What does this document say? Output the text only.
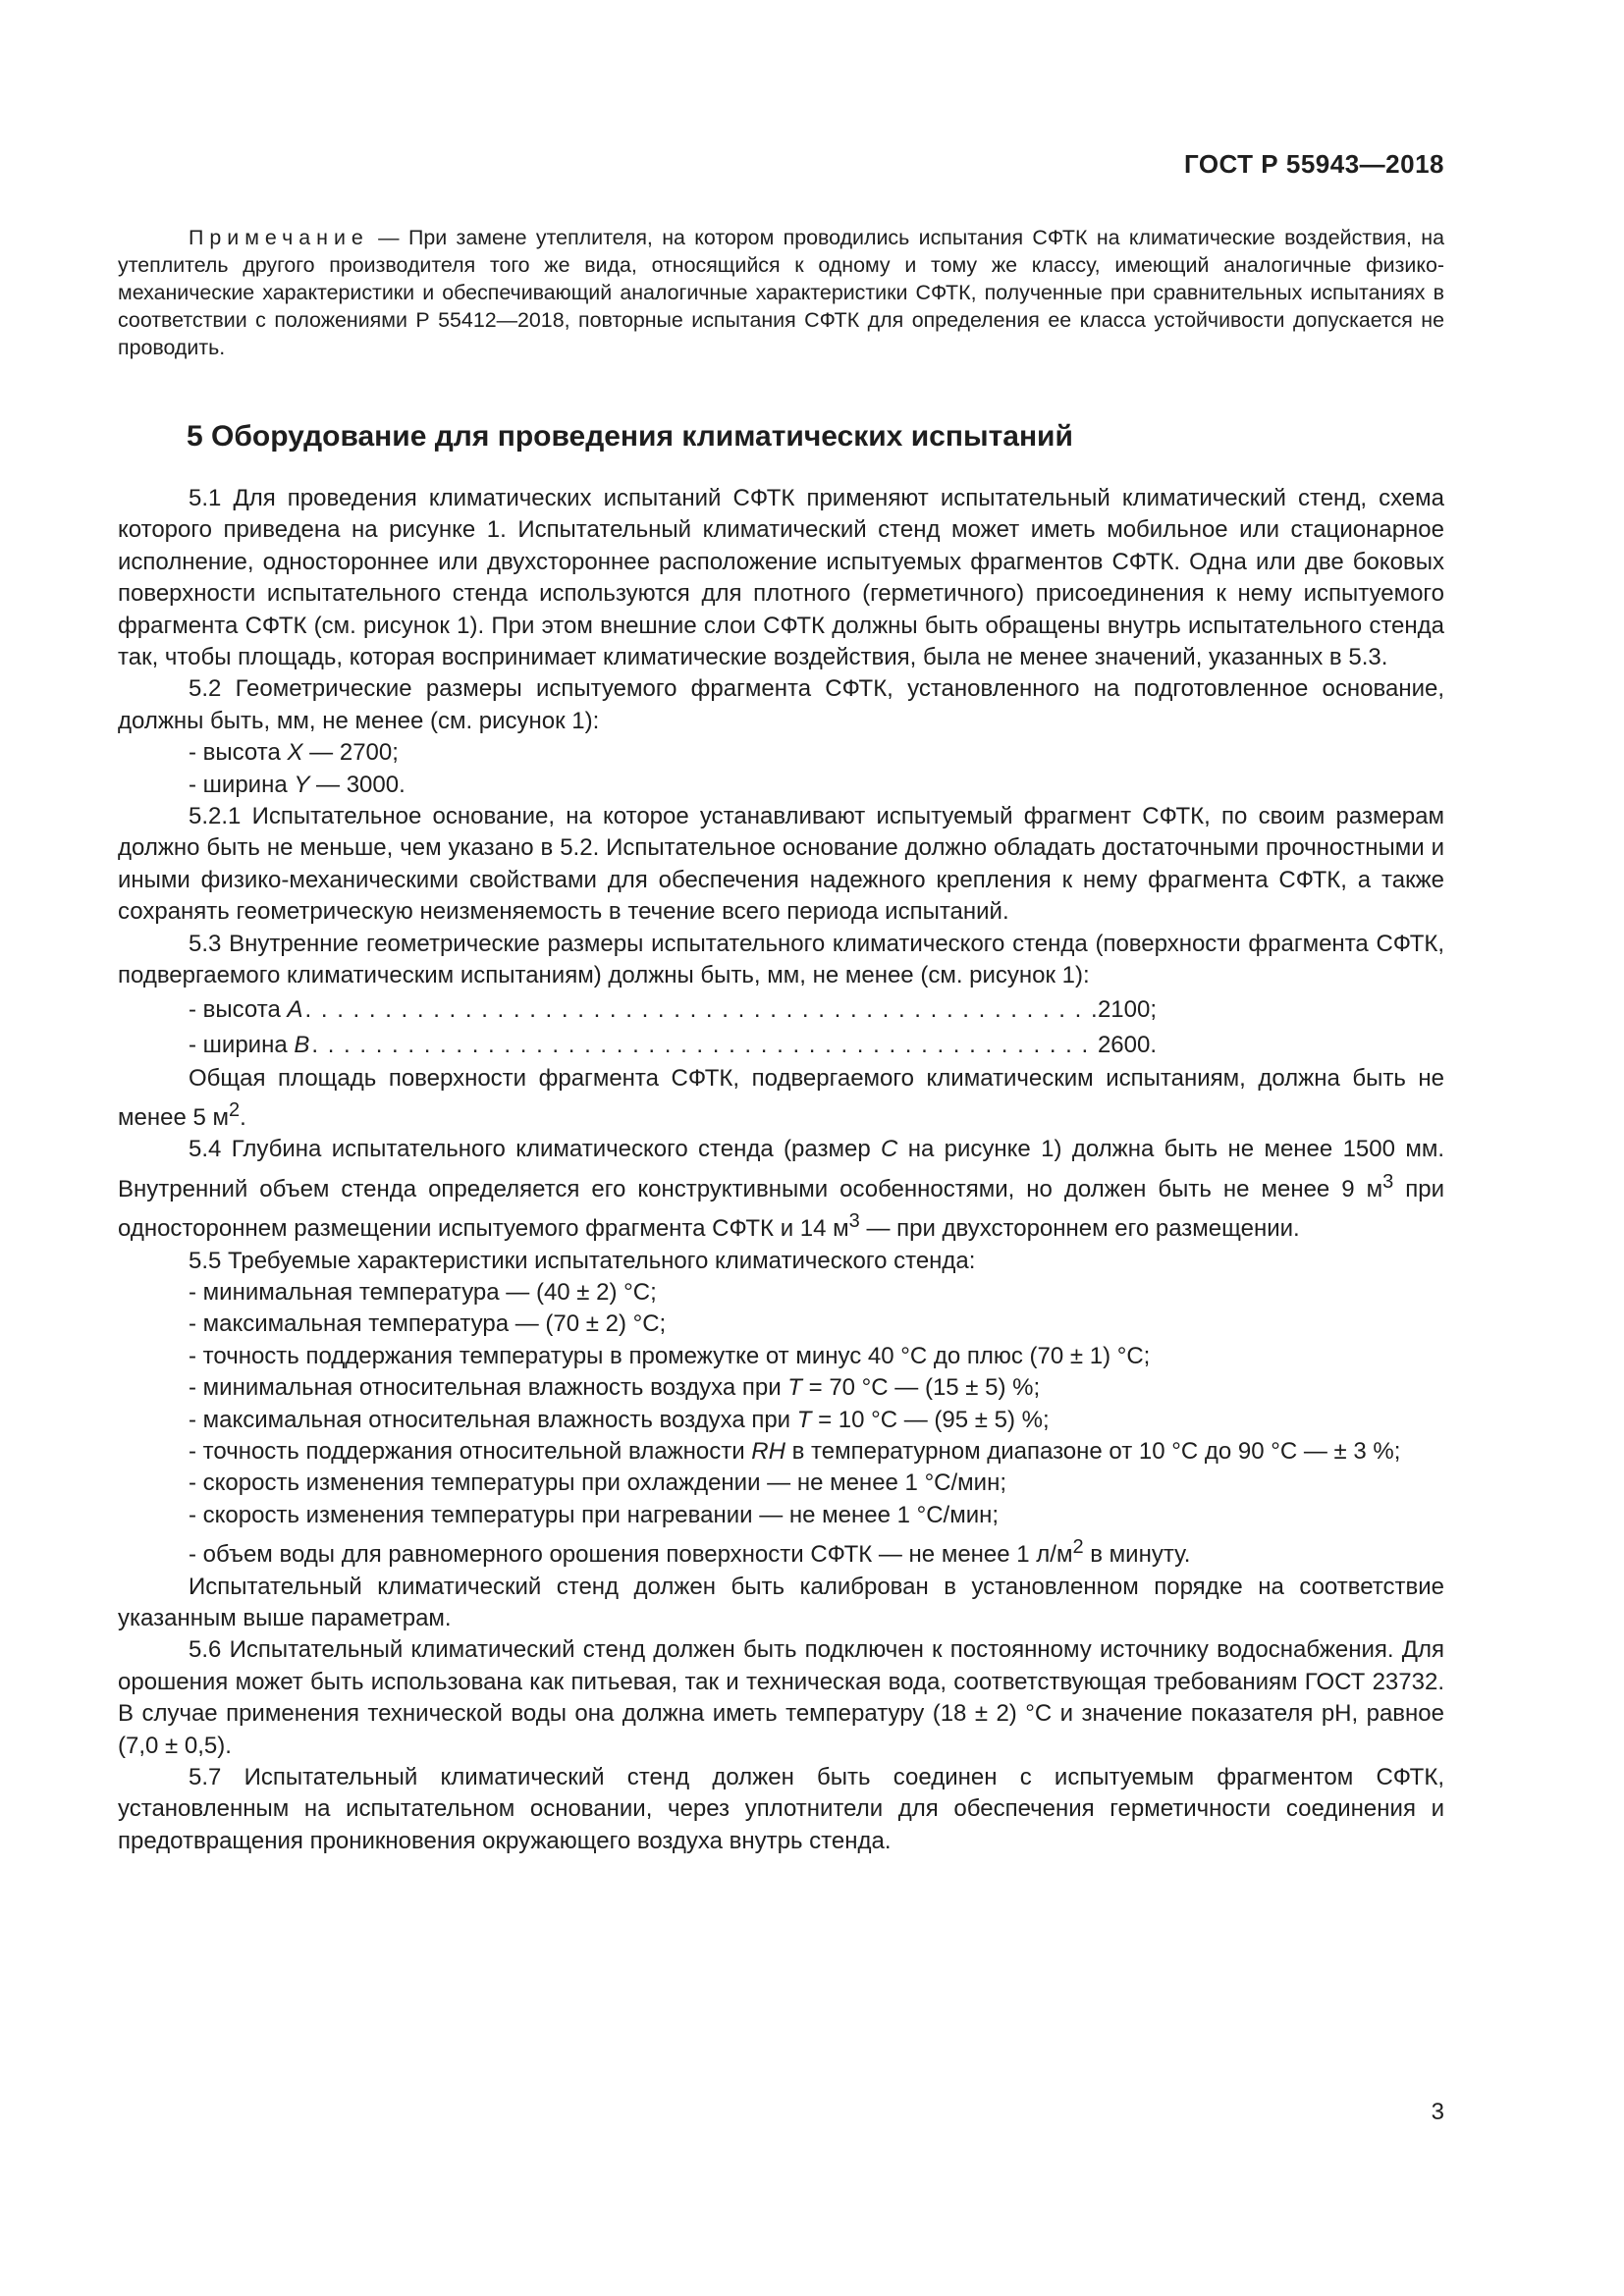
ГОСТ Р 55943—2018

Примечание — При замене утеплителя, на котором проводились испытания СФТК на климатические воздействия, на утеплитель другого производителя того же вида, относящийся к одному и тому же классу, имеющий аналогичные физико-механические характеристики и обеспечивающий аналогичные характеристики СФТК, полученные при сравнительных испытаниях в соответствии с положениями Р 55412—2018, повторные испытания СФТК для определения ее класса устойчивости допускается не проводить.

5 Оборудование для проведения климатических испытаний

5.1 Для проведения климатических испытаний СФТК применяют испытательный климатический стенд, схема которого приведена на рисунке 1. Испытательный климатический стенд может иметь мобильное или стационарное исполнение, одностороннее или двухстороннее расположение испытуемых фрагментов СФТК. Одна или две боковых поверхности испытательного стенда используются для плотного (герметичного) присоединения к нему испытуемого фрагмента СФТК (см. рисунок 1). При этом внешние слои СФТК должны быть обращены внутрь испытательного стенда так, чтобы площадь, которая воспринимает климатические воздействия, была не менее значений, указанных в 5.3.

5.2 Геометрические размеры испытуемого фрагмента СФТК, установленного на подготовленное основание, должны быть, мм, не менее (см. рисунок 1):

- высота X — 2700;

- ширина Y — 3000.

5.2.1 Испытательное основание, на которое устанавливают испытуемый фрагмент СФТК, по своим размерам должно быть не меньше, чем указано в 5.2. Испытательное основание должно обладать достаточными прочностными и иными физико-механическими свойствами для обеспечения надежного крепления к нему фрагмента СФТК, а также сохранять геометрическую неизменяемость в течение всего периода испытаний.

5.3 Внутренние геометрические размеры испытательного климатического стенда (поверхности фрагмента СФТК, подвергаемого климатическим испытаниям) должны быть, мм, не менее (см. рисунок 1):

- высота A . . .	2100;
- ширина B . . .	2600.

Общая площадь поверхности фрагмента СФТК, подвергаемого климатическим испытаниям, должна быть не менее 5 $м^2$.

5.4 Глубина испытательного климатического стенда (размер C на рисунке 1) должна быть не менее 1500 мм. Внутренний объем стенда определяется его конструктивными особенностями, но должен быть не менее 9 $м^3$ при одностороннем размещении испытуемого фрагмента СФТК и 14 $м^3$ — при двухстороннем его размещении.

5.5 Требуемые характеристики испытательного климатического стенда:

- минимальная температура — (40 ± 2) °С;

- максимальная температура — (70 ± 2) °С;

- точность поддержания температуры в промежутке от минус 40 °С до плюс (70 ± 1) °С;

- минимальная относительная влажность воздуха при Т = 70 °С — (15 ± 5) %;

- максимальная относительная влажность воздуха при Т = 10 °С — (95 ± 5) %;

- точность поддержания относительной влажности RH в температурном диапазоне от 10 °С до 90 °С — ± 3 %;

- скорость изменения температуры при охлаждении — не менее 1 °С/мин;

- скорость изменения температуры при нагревании — не менее 1 °С/мин;

- объем воды для равномерного орошения поверхности СФТК — не менее 1 $л/м^2$ в минуту.

Испытательный климатический стенд должен быть калиброван в установленном порядке на соответствие указанным выше параметрам.

5.6 Испытательный климатический стенд должен быть подключен к постоянному источнику водоснабжения. Для орошения может быть использована как питьевая, так и техническая вода, соответствующая требованиям ГОСТ 23732. В случае применения технической воды она должна иметь температуру (18 ± 2) °С и значение показателя рН, равное (7,0 ± 0,5).

5.7 Испытательный климатический стенд должен быть соединен с испытуемым фрагментом СФТК, установленным на испытательном основании, через уплотнители для обеспечения герметичности соединения и предотвращения проникновения окружающего воздуха внутрь стенда.

3
